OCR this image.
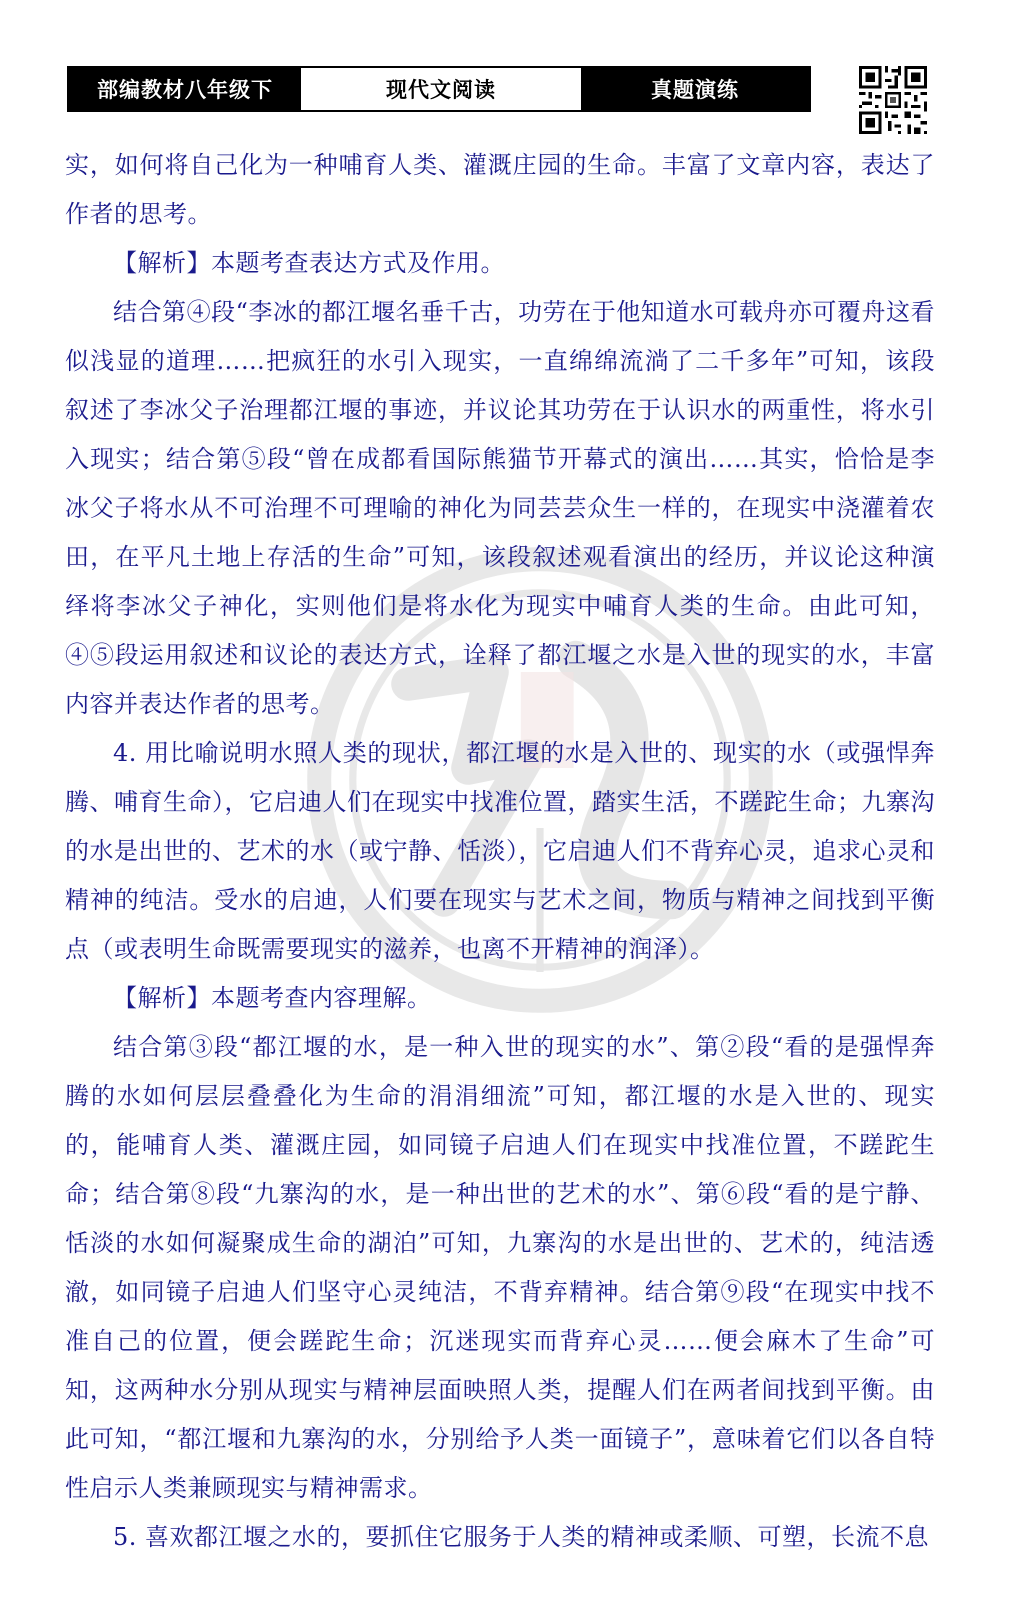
部编教材八年级下	现代文阅读	真题演练

实，如何将自己化为一种哺育人类、灌溉庄园的生命。丰富了文章内容，表达了作者的思考。

【解析】本题考查表达方式及作用。

结合第④段“李冰的都江堰名垂千古，功劳在于他知道水可载舟亦可覆舟这看似浅显的道理……把疯狂的水引入现实，一直绵绵流淌了二千多年”可知，该段叙述了李冰父子治理都江堰的事迹，并议论其功劳在于认识水的两重性，将水引入现实；结合第⑤段“曾在成都看国际熊猫节开幕式的演出……其实，恰恰是李冰父子将水从不可治理不可理喻的神化为同芸芸众生一样的，在现实中浇灌着农田，在平凡土地上存活的生命”可知，该段叙述观看演出的经历，并议论这种演绎将李冰父子神化，实则他们是将水化为现实中哺育人类的生命。由此可知，④⑤段运用叙述和议论的表达方式，诠释了都江堰之水是入世的现实的水，丰富内容并表达作者的思考。

4. 用比喻说明水照人类的现状，都江堰的水是入世的、现实的水（或强悍奔腾、哺育生命），它启迪人们在现实中找准位置，踏实生活，不蹉跎生命；九寨沟的水是出世的、艺术的水（或宁静、恬淡），它启迪人们不背弃心灵，追求心灵和精神的纯洁。受水的启迪，人们要在现实与艺术之间，物质与精神之间找到平衡点（或表明生命既需要现实的滋养，也离不开精神的润泽）。

【解析】本题考查内容理解。

结合第③段“都江堰的水，是一种入世的现实的水”、第②段“看的是强悍奔腾的水如何层层叠叠化为生命的涓涓细流”可知，都江堰的水是入世的、现实的，能哺育人类、灌溉庄园，如同镜子启迪人们在现实中找准位置，不蹉跎生命；结合第⑧段“九寨沟的水，是一种出世的艺术的水”、第⑥段“看的是宁静、恬淡的水如何凝聚成生命的湖泊”可知，九寨沟的水是出世的、艺术的，纯洁透澈，如同镜子启迪人们坚守心灵纯洁，不背弃精神。结合第⑨段“在现实中找不准自己的位置，便会蹉跎生命；沉迷现实而背弃心灵……便会麻木了生命”可知，这两种水分别从现实与精神层面映照人类，提醒人们在两者间找到平衡。由此可知，“都江堰和九寨沟的水，分别给予人类一面镜子”，意味着它们以各自特性启示人类兼顾现实与精神需求。

5. 喜欢都江堰之水的，要抓住它服务于人类的精神或柔顺、可塑，长流不息
